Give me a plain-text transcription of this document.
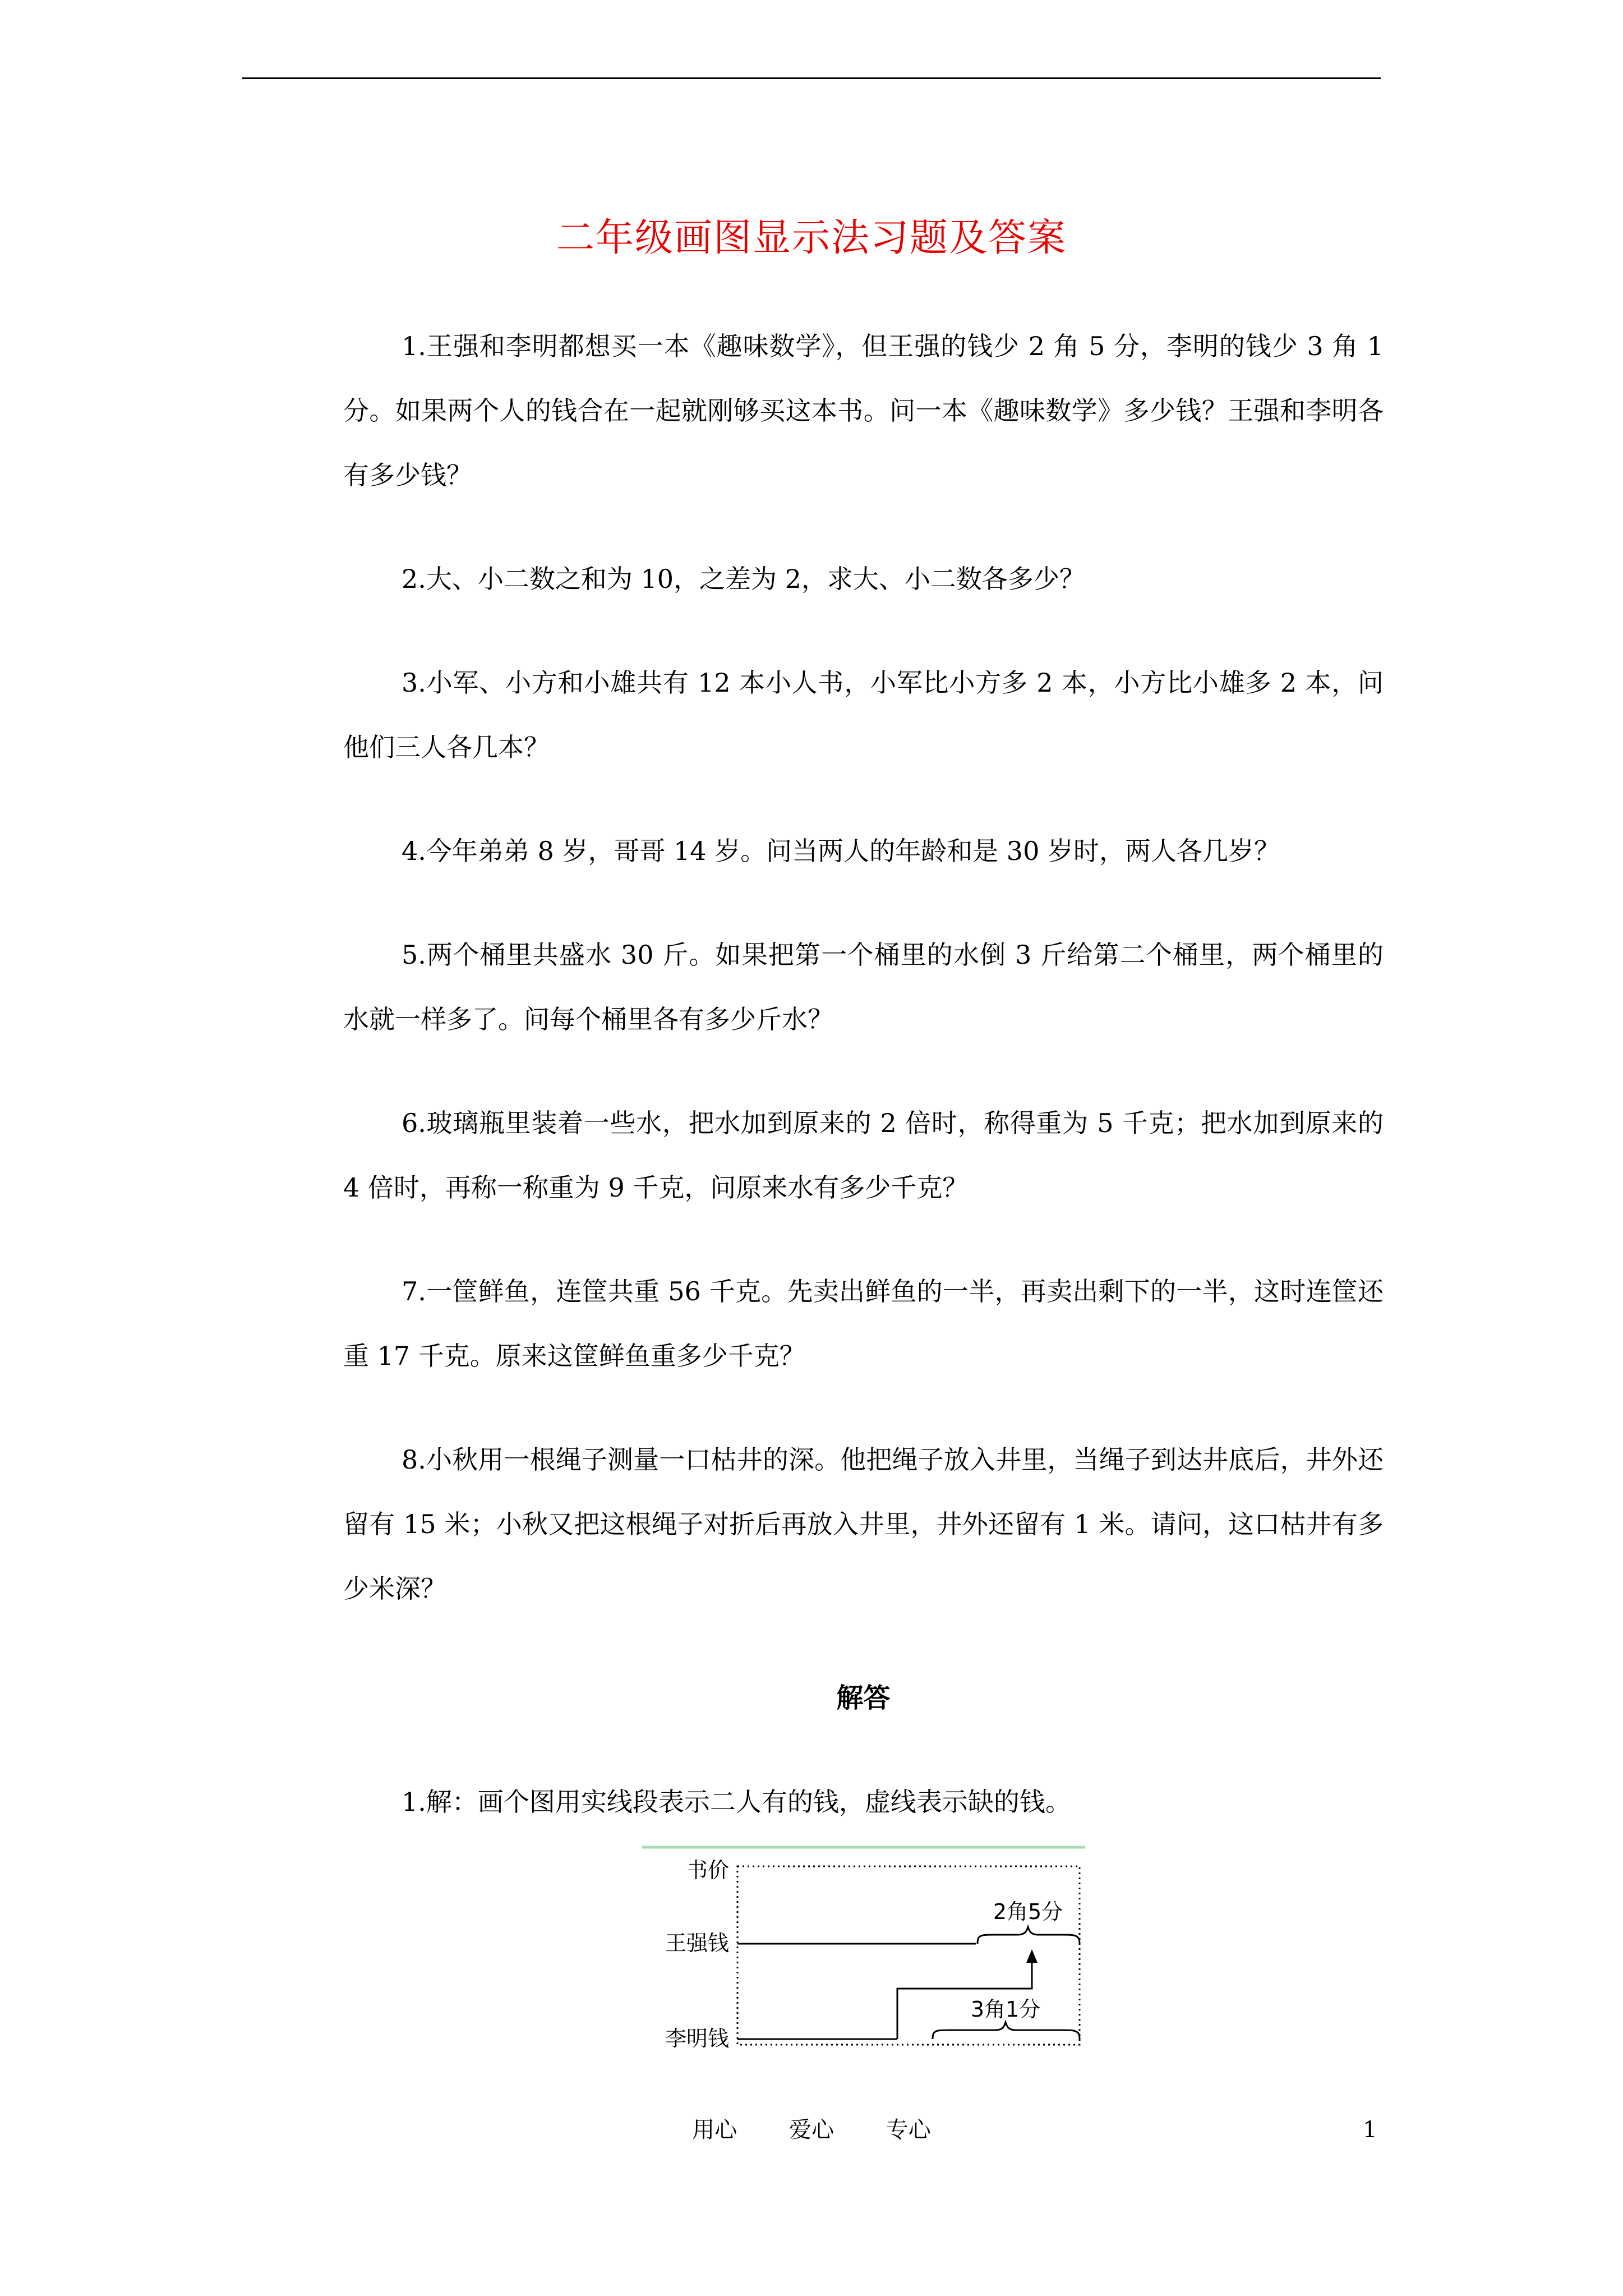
二年级画图显示法习题及答案

1.王强和李明都想买一本《趣味数学》，但王强的钱少 2 角 5 分，李明的钱少 3 角 1 分。如果两个人的钱合在一起就刚够买这本书。问一本《趣味数学》多少钱？王强和李明各有多少钱？

2.大、小二数之和为 10，之差为 2，求大、小二数各多少？

3.小军、小方和小雄共有 12 本小人书，小军比小方多 2 本，小方比小雄多 2 本，问他们三人各几本？

4.今年弟弟 8 岁，哥哥 14 岁。问当两人的年龄和是 30 岁时，两人各几岁？

5.两个桶里共盛水 30 斤。如果把第一个桶里的水倒 3 斤给第二个桶里，两个桶里的水就一样多了。问每个桶里各有多少斤水？

6.玻璃瓶里装着一些水，把水加到原来的 2 倍时，称得重为 5 千克；把水加到原来的 4 倍时，再称一称重为 9 千克，问原来水有多少千克？

7.一筐鲜鱼，连筐共重 56 千克。先卖出鲜鱼的一半，再卖出剩下的一半，这时连筐还重 17 千克。原来这筐鲜鱼重多少千克？

8.小秋用一根绳子测量一口枯井的深。他把绳子放入井里，当绳子到达井底后，井外还留有 15 米；小秋又把这根绳子对折后再放入井里，井外还留有 1 米。请问，这口枯井有多少米深？

解答

1.解：画个图用实线段表示二人有的钱，虚线表示缺的钱。

书价
王强钱
李明钱
2角5分
3角1分
用心 爱心 专心	1
